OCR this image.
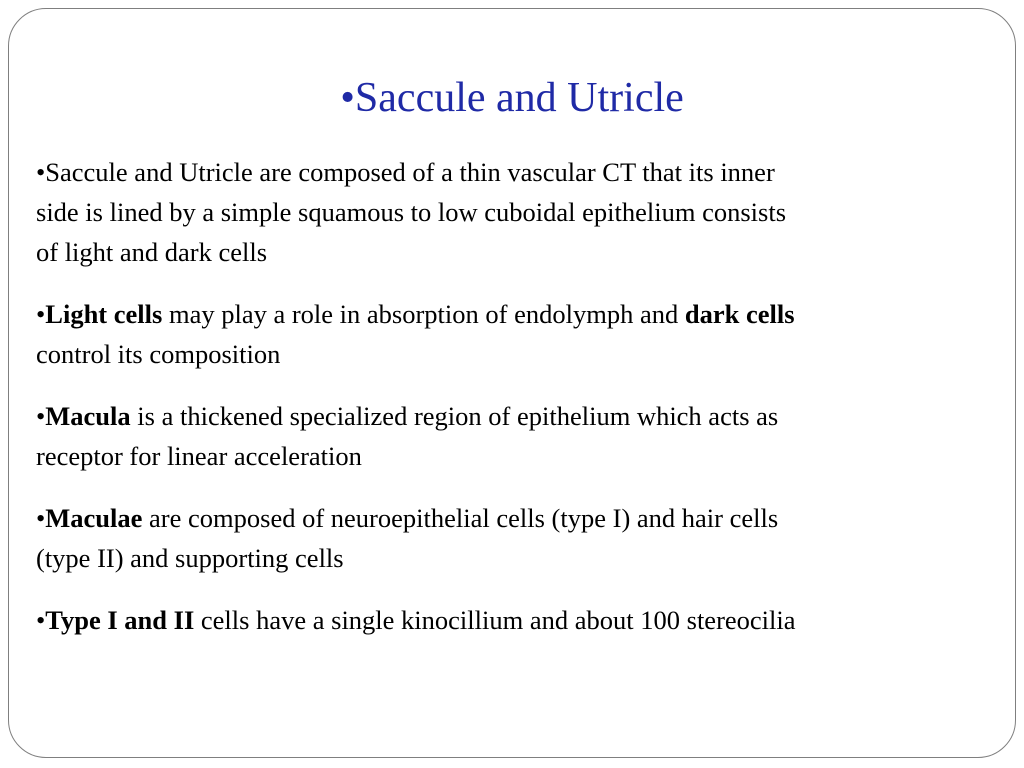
•Saccule and Utricle

•Saccule and Utricle are composed of a thin vascular CT that its inner
side is lined by a simple squamous to low cuboidal epithelium consists
of light and dark cells

•Light cells may play a role in absorption of endolymph and dark cells
control its composition

•Macula is a thickened specialized region of epithelium which acts as
receptor for linear acceleration

•Maculae are composed of neuroepithelial cells (type I) and hair cells
(type II) and supporting cells

•Type I and II cells have a single kinocillium and about 100 stereocilia
